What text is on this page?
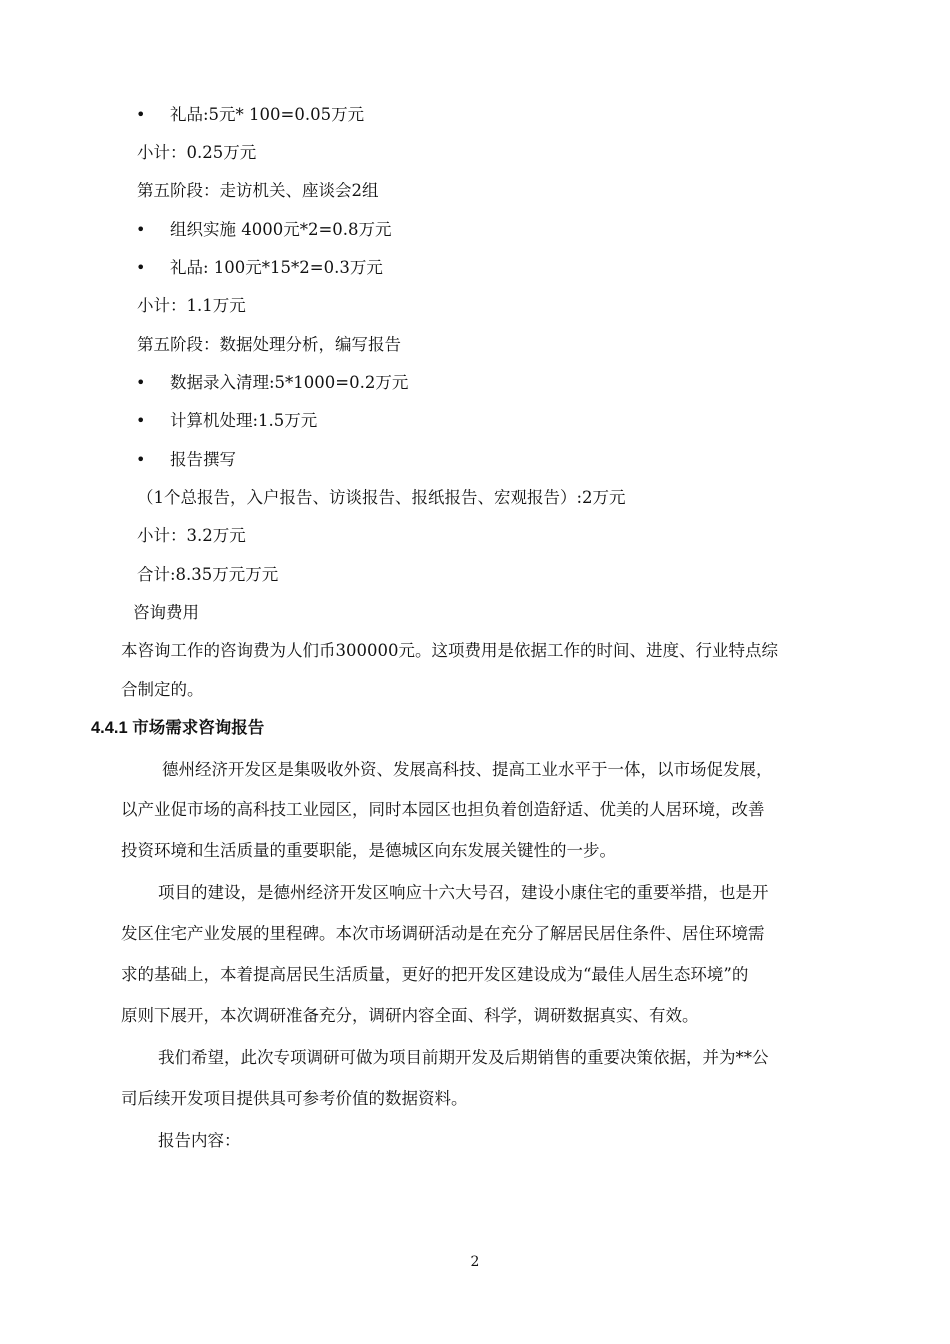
• 礼品:5元* 100=0.05万元
小计：0.25万元
第五阶段：走访机关、座谈会2组
• 组织实施 4000元*2=0.8万元
• 礼品: 100元*15*2=0.3万元
小计：1.1万元
第五阶段：数据处理分析，编写报告
• 数据录入清理:5*1000=0.2万元
• 计算机处理:1.5万元
• 报告撰写
（1个总报告，入户报告、访谈报告、报纸报告、宏观报告）:2万元
小计：3.2万元
合计:8.35万元万元
咨询费用
本咨询工作的咨询费为人们币300000元。这项费用是依据工作的时间、进度、行业特点综
合制定的。
4.4.1 市场需求咨询报告
德州经济开发区是集吸收外资、发展高科技、提高工业水平于一体，以市场促发展，
以产业促市场的高科技工业园区，同时本园区也担负着创造舒适、优美的人居环境，改善
投资环境和生活质量的重要职能，是德城区向东发展关键性的一步。
项目的建设，是德州经济开发区响应十六大号召，建设小康住宅的重要举措，也是开
发区住宅产业发展的里程碑。本次市场调研活动是在充分了解居民居住条件、居住环境需
求的基础上，本着提高居民生活质量，更好的把开发区建设成为“最佳人居生态环境”的
原则下展开，本次调研准备充分，调研内容全面、科学，调研数据真实、有效。
我们希望，此次专项调研可做为项目前期开发及后期销售的重要决策依据，并为**公
司后续开发项目提供具可参考价值的数据资料。
报告内容：
2
